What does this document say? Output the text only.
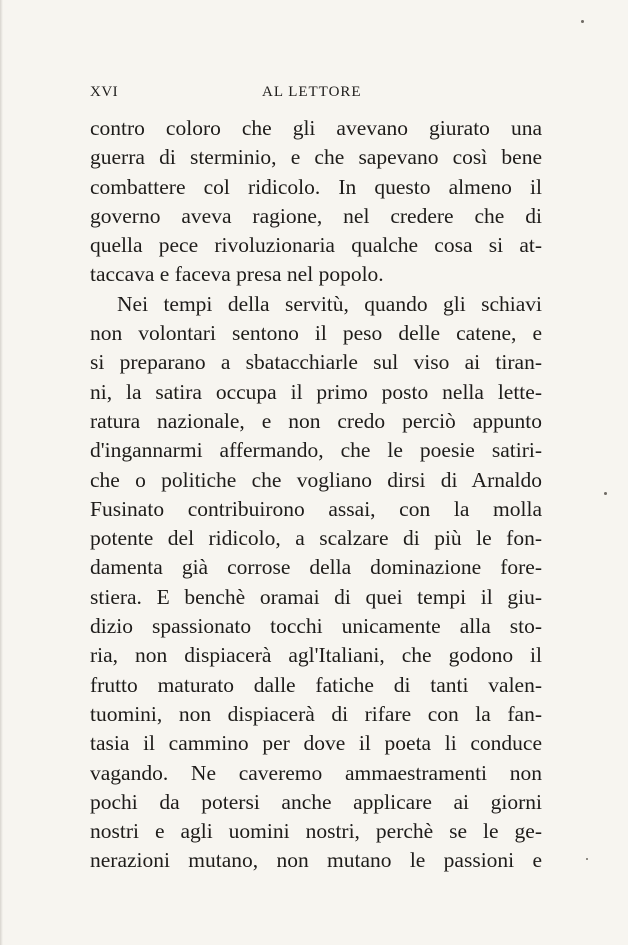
XVI	AL LETTORE
contro coloro che gli avevano giurato una
guerra di sterminio, e che sapevano così bene
combattere col ridicolo. In questo almeno il
governo aveva ragione, nel credere che di
quella pece rivoluzionaria qualche cosa si at-
taccava e faceva presa nel popolo.
Nei tempi della servitù, quando gli schiavi
non volontari sentono il peso delle catene, e
si preparano a sbatacchiarle sul viso ai tiran-
ni, la satira occupa il primo posto nella lette-
ratura nazionale, e non credo perciò appunto
d'ingannarmi affermando, che le poesie satiri-
che o politiche che vogliano dirsi di Arnaldo
Fusinato contribuirono assai, con la molla
potente del ridicolo, a scalzare di più le fon-
damenta già corrose della dominazione fore-
stiera. E benchè oramai di quei tempi il giu-
dizio spassionato tocchi unicamente alla sto-
ria, non dispiacerà agl'Italiani, che godono il
frutto maturato dalle fatiche di tanti valen-
tuomini, non dispiacerà di rifare con la fan-
tasia il cammino per dove il poeta li conduce
vagando. Ne caveremo ammaestramenti non
pochi da potersi anche applicare ai giorni
nostri e agli uomini nostri, perchè se le ge-
nerazioni mutano, non mutano le passioni e
